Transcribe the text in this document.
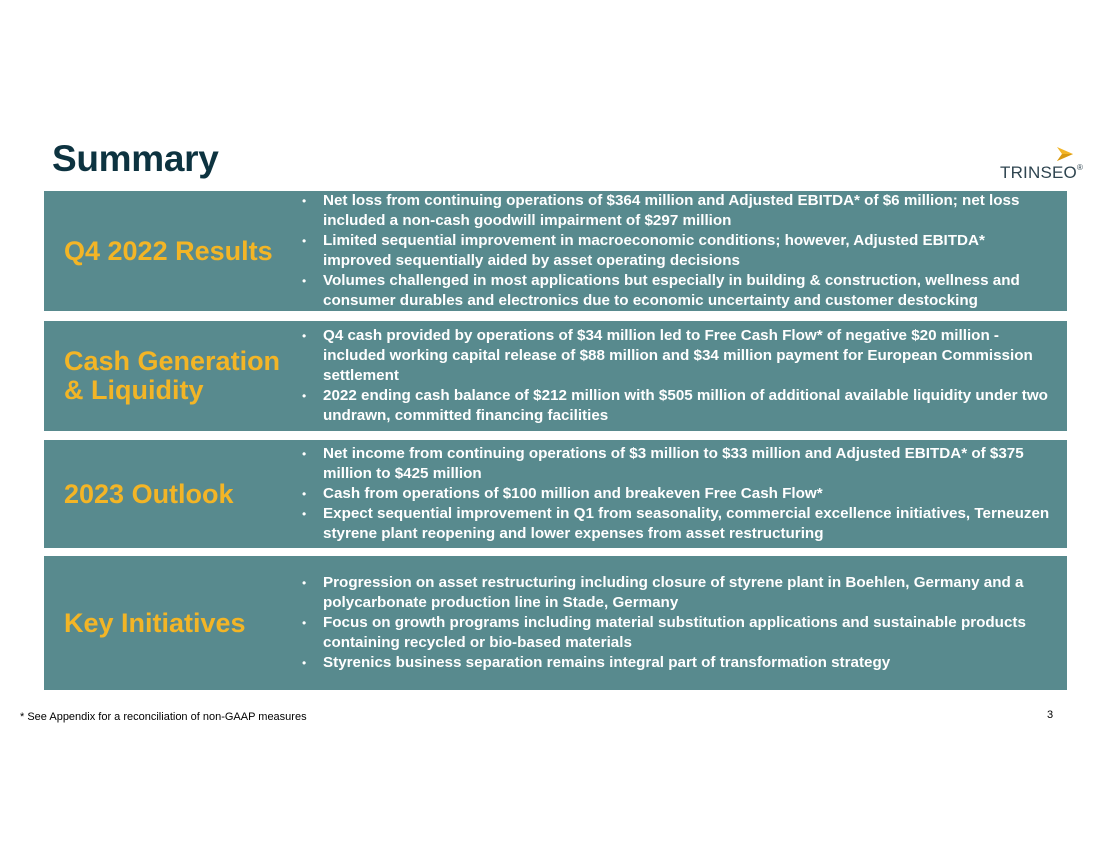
Summary	TRINSEO®
Q4 2022 Results
• Net loss from continuing operations of $364 million and Adjusted EBITDA* of $6 million; net loss included a non-cash goodwill impairment of $297 million
• Limited sequential improvement in macroeconomic conditions; however, Adjusted EBITDA* improved sequentially aided by asset operating decisions
• Volumes challenged in most applications but especially in building & construction, wellness and consumer durables and electronics due to economic uncertainty and customer destocking
Cash Generation & Liquidity
• Q4 cash provided by operations of $34 million led to Free Cash Flow* of negative $20 million - included working capital release of $88 million and $34 million payment for European Commission settlement
• 2022 ending cash balance of $212 million with $505 million of additional available liquidity under two undrawn, committed financing facilities
2023 Outlook
• Net income from continuing operations of $3 million to $33 million and Adjusted EBITDA* of $375 million to $425 million
• Cash from operations of $100 million and breakeven Free Cash Flow*
• Expect sequential improvement in Q1 from seasonality, commercial excellence initiatives, Terneuzen styrene plant reopening and lower expenses from asset restructuring
Key Initiatives
• Progression on asset restructuring including closure of styrene plant in Boehlen, Germany and a polycarbonate production line in Stade, Germany
• Focus on growth programs including material substitution applications and sustainable products containing recycled or bio-based materials
• Styrenics business separation remains integral part of transformation strategy
* See Appendix for a reconciliation of non-GAAP measures	3
